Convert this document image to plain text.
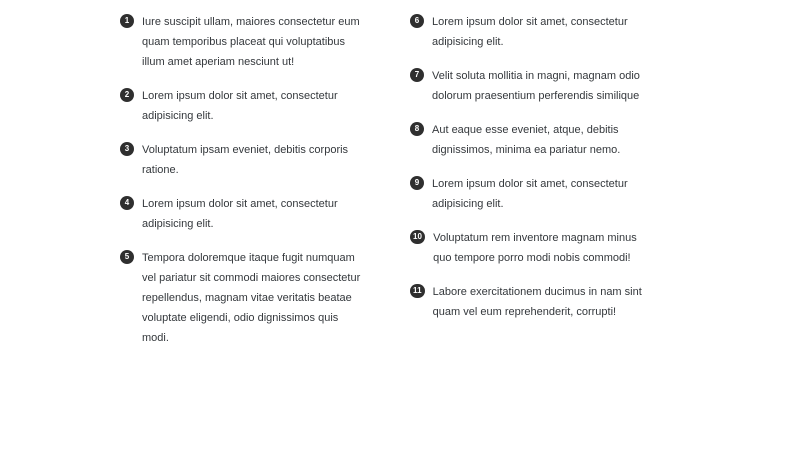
1	Iure suscipit ullam, maiores consectetur eum quam temporibus placeat qui voluptatibus illum amet aperiam nesciunt ut!
2	Lorem ipsum dolor sit amet, consectetur adipisicing elit.
3	Voluptatum ipsam eveniet, debitis corporis ratione.
4	Lorem ipsum dolor sit amet, consectetur adipisicing elit.
5	Tempora doloremque itaque fugit numquam vel pariatur sit commodi maiores consectetur repellendus, magnam vitae veritatis beatae voluptate eligendi, odio dignissimos quis modi.
6	Lorem ipsum dolor sit amet, consectetur adipisicing elit.
7	Velit soluta mollitia in magni, magnam odio dolorum praesentium perferendis similique
8	Aut eaque esse eveniet, atque, debitis dignissimos, minima ea pariatur nemo.
9	Lorem ipsum dolor sit amet, consectetur adipisicing elit.
10 Voluptatum rem inventore magnam minus quo tempore porro modi nobis commodi!
11 Labore exercitationem ducimus in nam sint quam vel eum reprehenderit, corrupti!
